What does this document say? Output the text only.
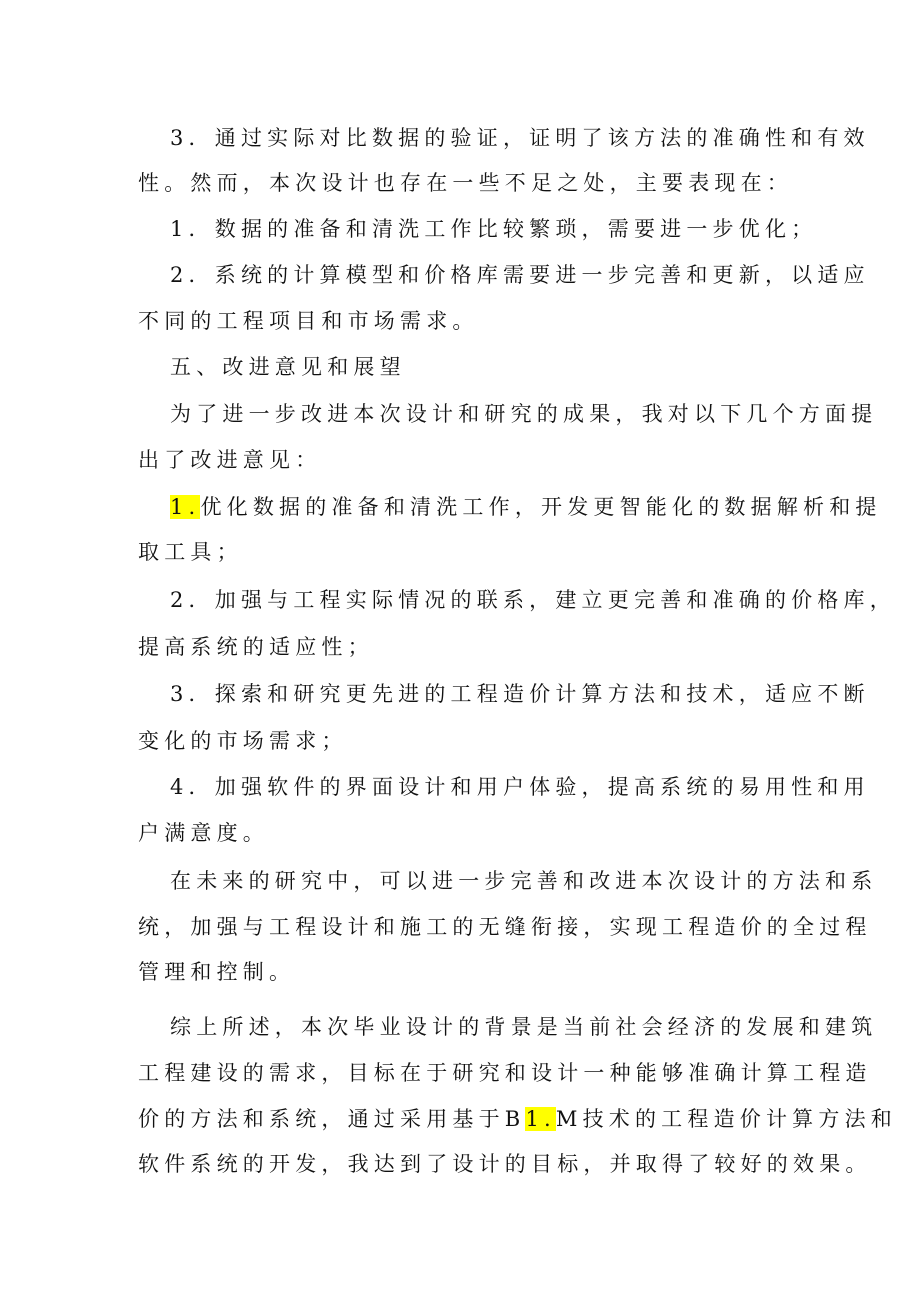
3．通过实际对比数据的验证，证明了该方法的准确性和有效
性。然而，本次设计也存在一些不足之处，主要表现在：
1．数据的准备和清洗工作比较繁琐，需要进一步优化；
2．系统的计算模型和价格库需要进一步完善和更新，以适应
不同的工程项目和市场需求。
五、改进意见和展望
为了进一步改进本次设计和研究的成果，我对以下几个方面提
出了改进意见：
1.优化数据的准备和清洗工作，开发更智能化的数据解析和提
取工具；
2．加强与工程实际情况的联系，建立更完善和准确的价格库，
提高系统的适应性；
3．探索和研究更先进的工程造价计算方法和技术，适应不断
变化的市场需求；
4．加强软件的界面设计和用户体验，提高系统的易用性和用
户满意度。
在未来的研究中，可以进一步完善和改进本次设计的方法和系
统，加强与工程设计和施工的无缝衔接，实现工程造价的全过程
管理和控制。
综上所述，本次毕业设计的背景是当前社会经济的发展和建筑
工程建设的需求，目标在于研究和设计一种能够准确计算工程造
价的方法和系统，通过采用基于B1.M技术的工程造价计算方法和
软件系统的开发，我达到了设计的目标，并取得了较好的效果。
